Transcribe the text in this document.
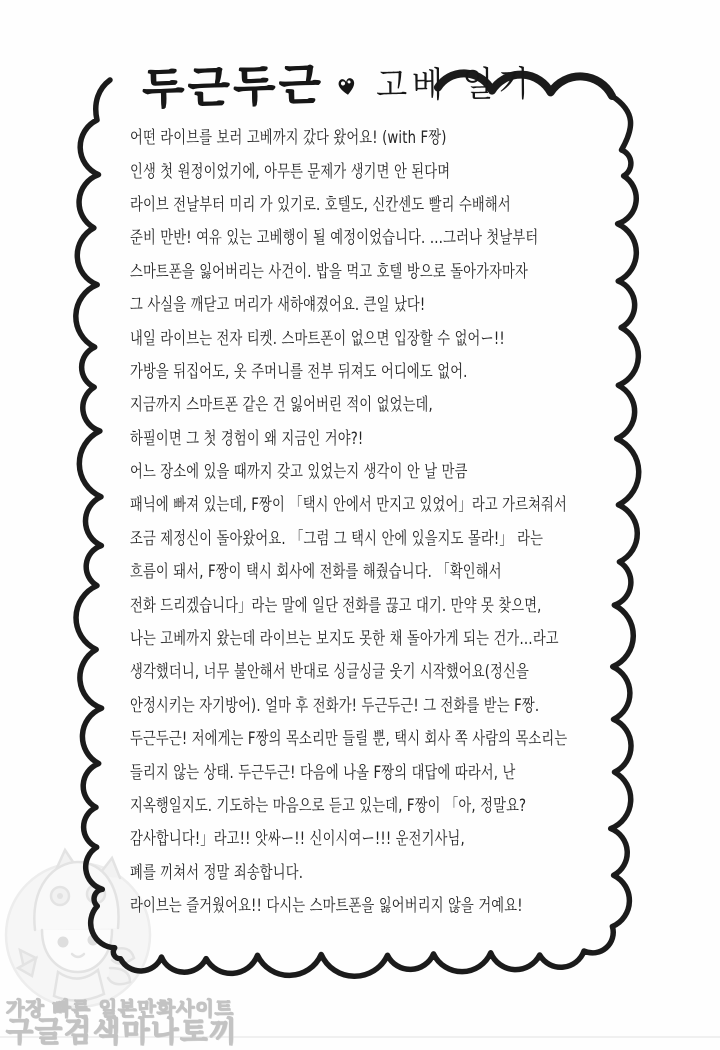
두근두근 고베 일기
어떤 라이브를 보러 고베까지 갔다 왔어요! (with F짱)
인생 첫 원정이었기에, 아무튼 문제가 생기면 안 된다며
라이브 전날부터 미리 가 있기로. 호텔도, 신칸센도 빨리 수배해서
준비 만반! 여유 있는 고베행이 될 예정이었습니다. …그러나 첫날부터
스마트폰을 잃어버리는 사건이. 밥을 먹고 호텔 방으로 돌아가자마자
그 사실을 깨닫고 머리가 새하얘졌어요. 큰일 났다!
내일 라이브는 전자 티켓. 스마트폰이 없으면 입장할 수 없어ー!!
가방을 뒤집어도, 옷 주머니를 전부 뒤져도 어디에도 없어.
지금까지 스마트폰 같은 건 잃어버린 적이 없었는데,
하필이면 그 첫 경험이 왜 지금인 거야?!
어느 장소에 있을 때까지 갖고 있었는지 생각이 안 날 만큼
패닉에 빠져 있는데, F짱이 「택시 안에서 만지고 있었어」라고 가르쳐줘서
조금 제정신이 돌아왔어요. 「그럼 그 택시 안에 있을지도 몰라!」 라는
흐름이 돼서, F짱이 택시 회사에 전화를 해줬습니다. 「확인해서
전화 드리겠습니다」라는 말에 일단 전화를 끊고 대기. 만약 못 찾으면,
나는 고베까지 왔는데 라이브는 보지도 못한 채 돌아가게 되는 건가…라고
생각했더니, 너무 불안해서 반대로 싱글싱글 웃기 시작했어요(정신을
안정시키는 자기방어). 얼마 후 전화가! 두근두근! 그 전화를 받는 F짱.
두근두근! 저에게는 F짱의 목소리만 들릴 뿐, 택시 회사 쪽 사람의 목소리는
들리지 않는 상태. 두근두근! 다음에 나올 F짱의 대답에 따라서, 난
지옥행일지도. 기도하는 마음으로 듣고 있는데, F짱이 「아, 정말요?
감사합니다!」라고!! 앗싸ー!! 신이시여ー!!! 운전기사님,
폐를 끼쳐서 정말 죄송합니다.
라이브는 즐거웠어요!! 다시는 스마트폰을 잃어버리지 않을 거예요!
가장 빠른 일본만화사이트
구글검색마나토끼
